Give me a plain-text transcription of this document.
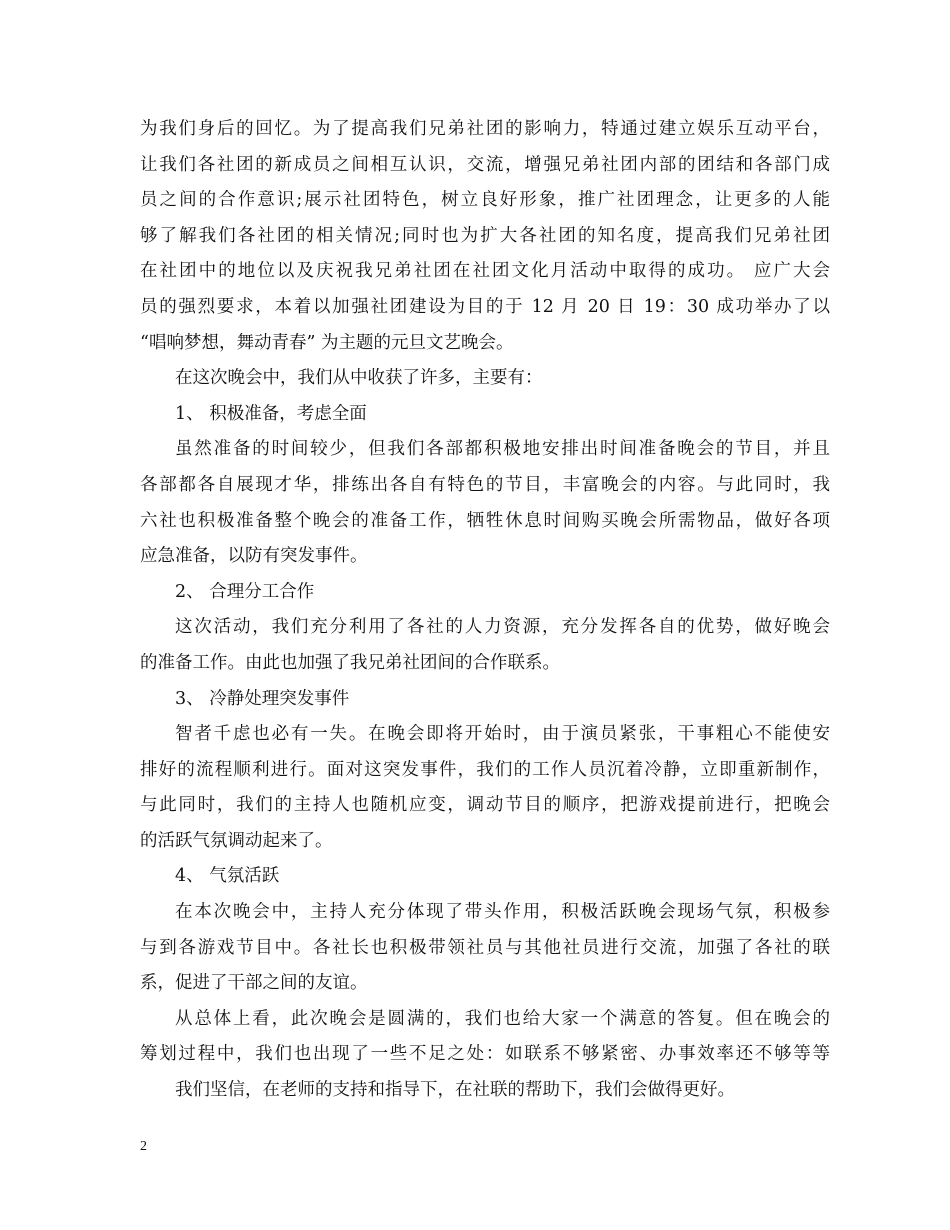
为我们身后的回忆。为了提高我们兄弟社团的影响力，特通过建立娱乐互动平台，
让我们各社团的新成员之间相互认识，交流，增强兄弟社团内部的团结和各部门成
员之间的合作意识;展示社团特色，树立良好形象，推广社团理念，让更多的人能
够了解我们各社团的相关情况;同时也为扩大各社团的知名度，提高我们兄弟社团
在社团中的地位以及庆祝我兄弟社团在社团文化月活动中取得的成功。 应广大会
员的强烈要求，本着以加强社团建设为目的于 12 月 20 日 19：30 成功举办了以
“唱响梦想，舞动青春” 为主题的元旦文艺晚会。
在这次晚会中，我们从中收获了许多，主要有：
1、 积极准备，考虑全面
虽然准备的时间较少，但我们各部都积极地安排出时间准备晚会的节目，并且
各部都各自展现才华，排练出各自有特色的节目，丰富晚会的内容。与此同时，我
六社也积极准备整个晚会的准备工作，牺牲休息时间购买晚会所需物品，做好各项
应急准备，以防有突发事件。
2、 合理分工合作
这次活动，我们充分利用了各社的人力资源，充分发挥各自的优势，做好晚会
的准备工作。由此也加强了我兄弟社团间的合作联系。
3、 冷静处理突发事件
智者千虑也必有一失。在晚会即将开始时，由于演员紧张，干事粗心不能使安
排好的流程顺利进行。面对这突发事件，我们的工作人员沉着冷静，立即重新制作，
与此同时，我们的主持人也随机应变，调动节目的顺序，把游戏提前进行，把晚会
的活跃气氛调动起来了。
4、 气氛活跃
在本次晚会中，主持人充分体现了带头作用，积极活跃晚会现场气氛，积极参
与到各游戏节目中。各社长也积极带领社员与其他社员进行交流，加强了各社的联
系，促进了干部之间的友谊。
从总体上看，此次晚会是圆满的，我们也给大家一个满意的答复。但在晚会的
筹划过程中，我们也出现了一些不足之处：如联系不够紧密、办事效率还不够等等
我们坚信，在老师的支持和指导下，在社联的帮助下，我们会做得更好。
2
